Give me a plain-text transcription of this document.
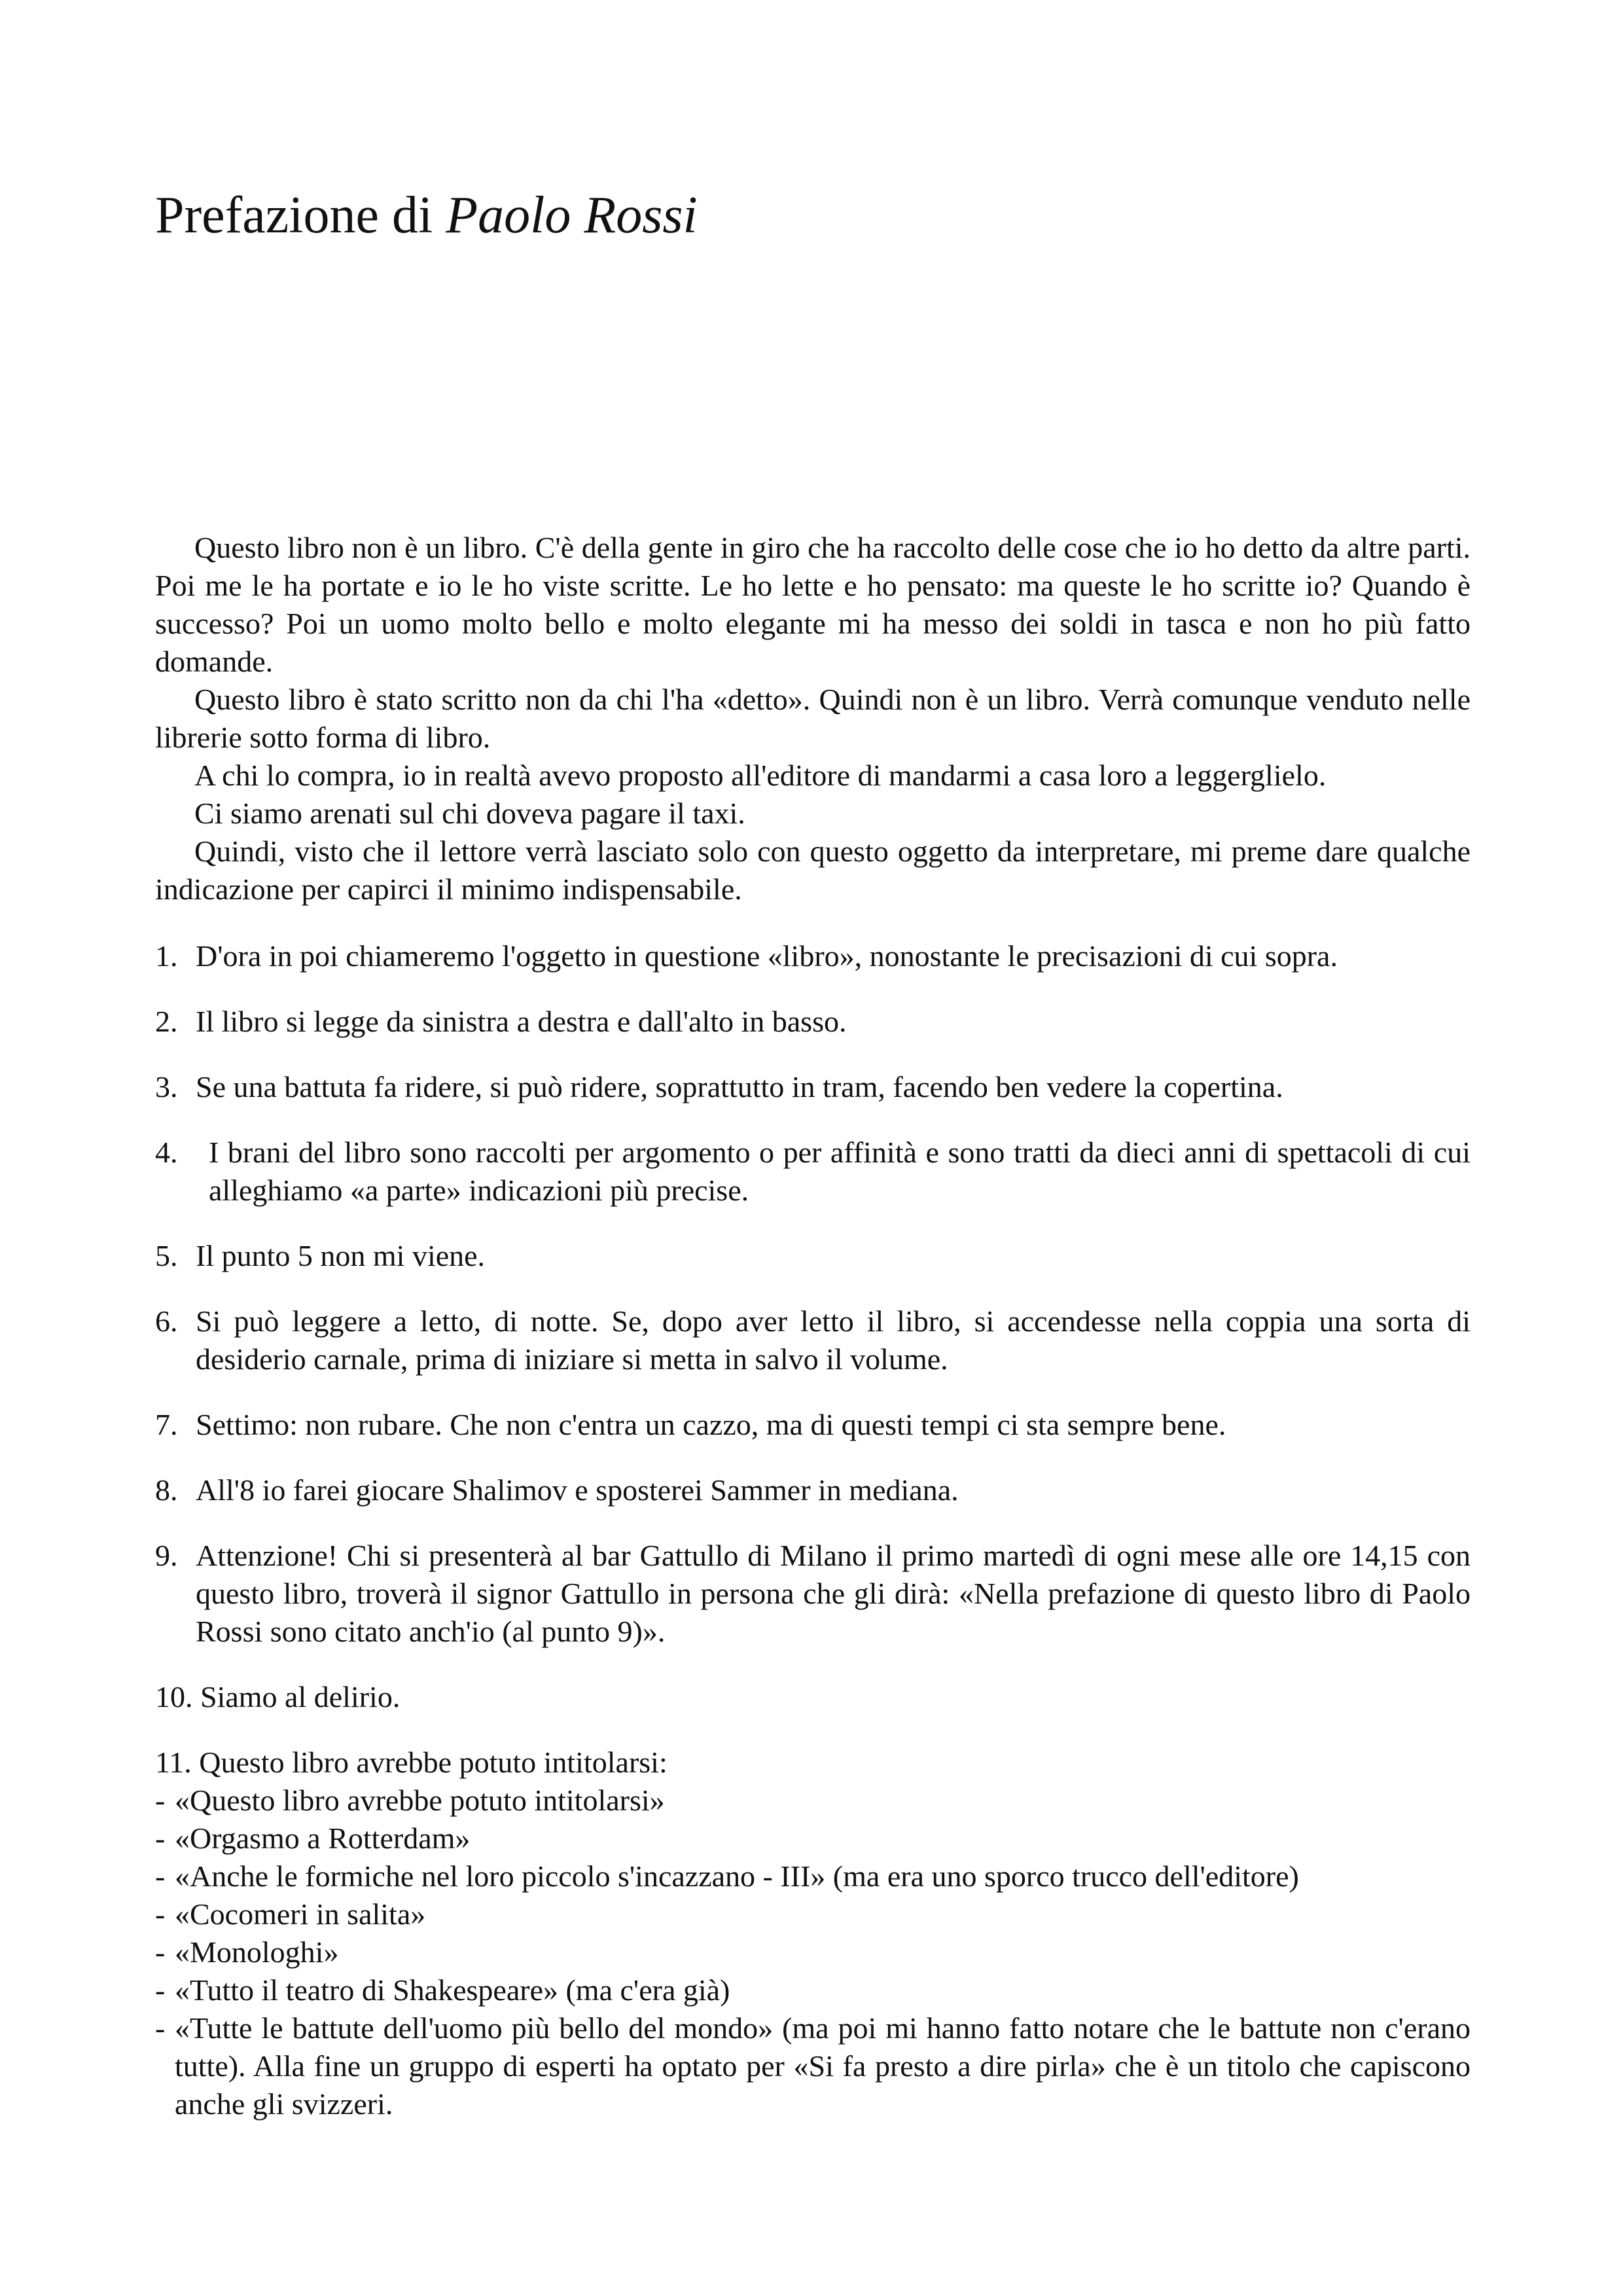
Prefazione di Paolo Rossi

Questo libro non è un libro. C'è della gente in giro che ha raccolto delle cose che io ho detto da altre parti. Poi me le ha portate e io le ho viste scritte. Le ho lette e ho pensato: ma queste le ho scritte io? Quando è successo? Poi un uomo molto bello e molto elegante mi ha messo dei soldi in tasca e non ho più fatto domande.

Questo libro è stato scritto non da chi l'ha «detto». Quindi non è un libro. Verrà comunque venduto nelle librerie sotto forma di libro.

A chi lo compra, io in realtà avevo proposto all'editore di mandarmi a casa loro a leggerglielo.

Ci siamo arenati sul chi doveva pagare il taxi.

Quindi, visto che il lettore verrà lasciato solo con questo oggetto da interpretare, mi preme dare qualche indicazione per capirci il minimo indispensabile.

1. D'ora in poi chiameremo l'oggetto in questione «libro», nonostante le precisazioni di cui sopra.
2. Il libro si legge da sinistra a destra e dall'alto in basso.
3. Se una battuta fa ridere, si può ridere, soprattutto in tram, facendo ben vedere la copertina.
4. I brani del libro sono raccolti per argomento o per affinità e sono tratti da dieci anni di spettacoli di cui alleghiamo «a parte» indicazioni più precise.
5. Il punto 5 non mi viene.
6. Si può leggere a letto, di notte. Se, dopo aver letto il libro, si accendesse nella coppia una sorta di desiderio carnale, prima di iniziare si metta in salvo il volume.
7. Settimo: non rubare. Che non c'entra un cazzo, ma di questi tempi ci sta sempre bene.
8. All'8 io farei giocare Shalimov e sposterei Sammer in mediana.
9. Attenzione! Chi si presenterà al bar Gattullo di Milano il primo martedì di ogni mese alle ore 14,15 con questo libro, troverà il signor Gattullo in persona che gli dirà: «Nella prefazione di questo libro di Paolo Rossi sono citato anch'io (al punto 9)».
10. Siamo al delirio.
11. Questo libro avrebbe potuto intitolarsi:
- «Questo libro avrebbe potuto intitolarsi»
- «Orgasmo a Rotterdam»
- «Anche le formiche nel loro piccolo s'incazzano - III» (ma era uno sporco trucco dell'editore)
- «Cocomeri in salita»
- «Monologhi»
- «Tutto il teatro di Shakespeare» (ma c'era già)
- «Tutte le battute dell'uomo più bello del mondo» (ma poi mi hanno fatto notare che le battute non c'erano tutte). Alla fine un gruppo di esperti ha optato per «Si fa presto a dire pirla» che è un titolo che capiscono anche gli svizzeri.
